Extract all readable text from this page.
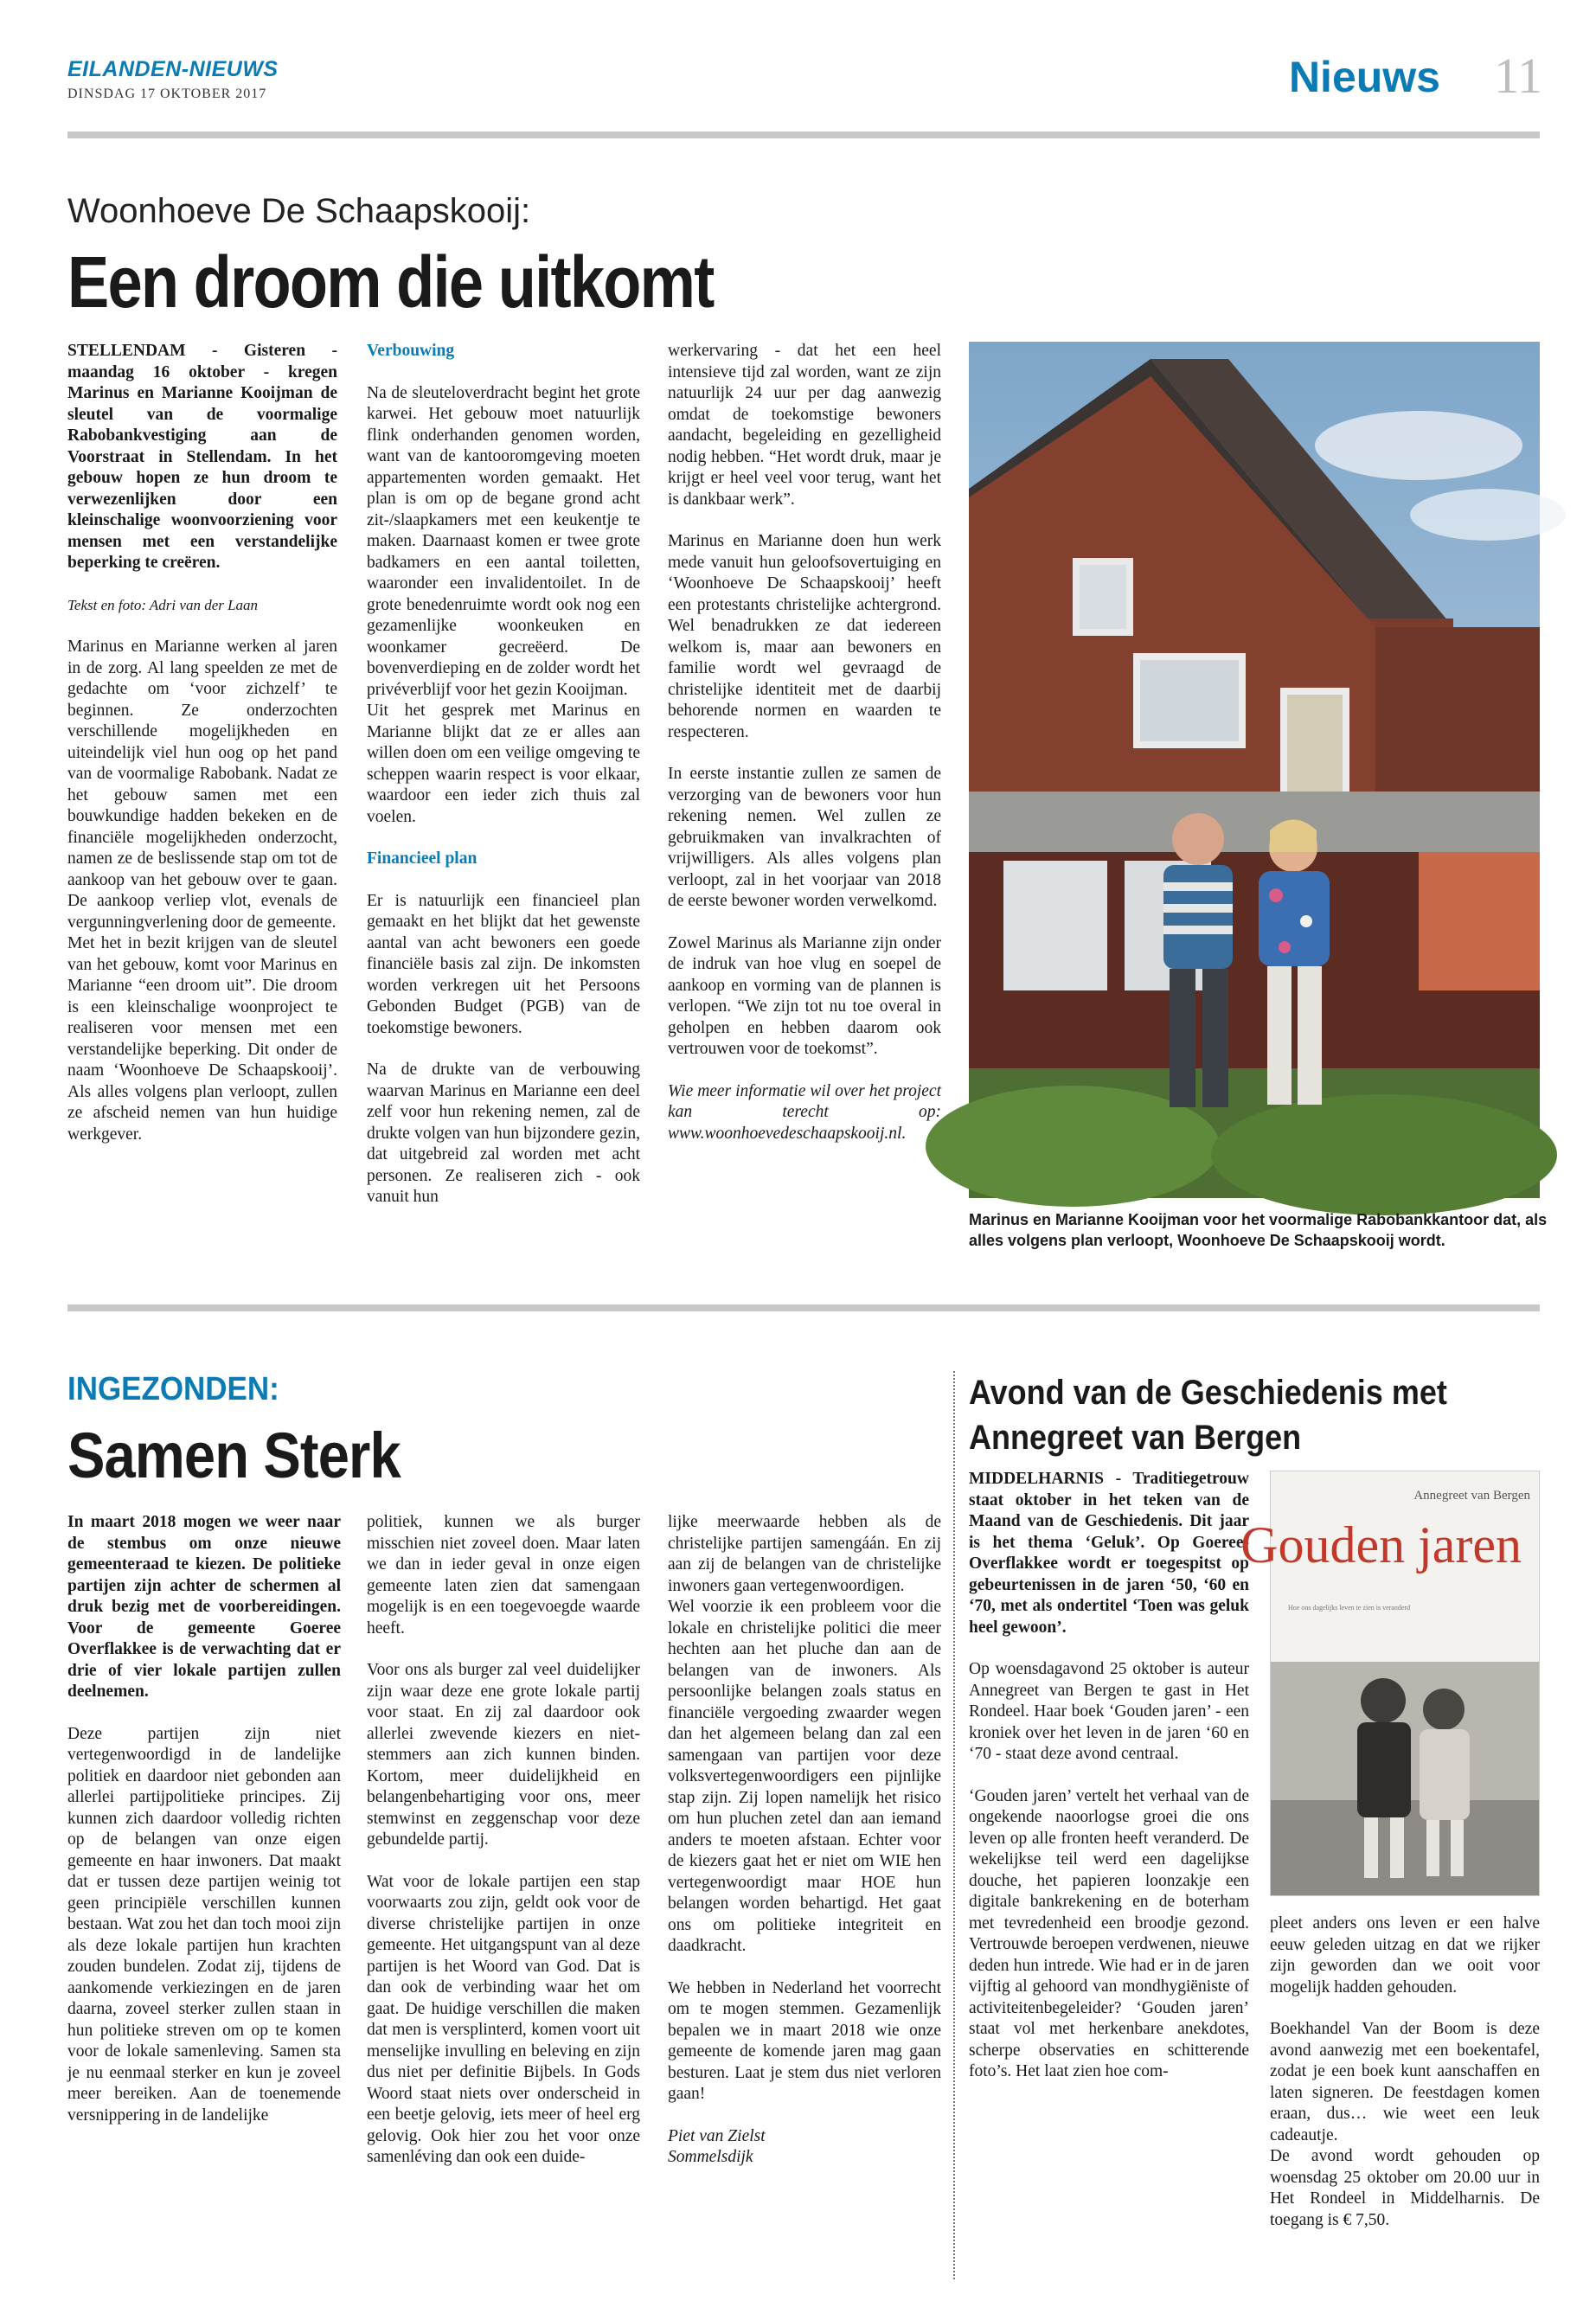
EILANDEN-NIEUWS
DINSDAG 17 OKTOBER 2017	Nieuws 11
Woonhoeve De Schaapskooij:
Een droom die uitkomt

STELLENDAM - Gisteren - maandag 16 oktober - kregen Marinus en Marianne Kooijman de sleutel van de voormalige Rabobankvestiging aan de Voorstraat in Stellendam. In het gebouw hopen ze hun droom te verwezenlijken door een kleinschalige woonvoorziening voor mensen met een verstandelijke beperking te creëren.

Tekst en foto: Adri van der Laan

Marinus en Marianne werken al jaren in de zorg. Al lang speelden ze met de gedachte om ‘voor zichzelf’ te beginnen. Ze onderzochten verschillende mogelijkheden en uiteindelijk viel hun oog op het pand van de voormalige Rabobank. Nadat ze het gebouw samen met een bouwkundige hadden bekeken en de financiële mogelijkheden onderzocht, namen ze de beslissende stap om tot de aankoop van het gebouw over te gaan. De aankoop verliep vlot, evenals de vergunningverlening door de gemeente.

Met het in bezit krijgen van de sleutel van het gebouw, komt voor Marinus en Marianne “een droom uit”. Die droom is een kleinschalige woonproject te realiseren voor mensen met een verstandelijke beperking. Dit onder de naam ‘Woonhoeve De Schaapskooij’. Als alles volgens plan verloopt, zullen ze afscheid nemen van hun huidige werkgever.

Verbouwing

Na de sleuteloverdracht begint het grote karwei. Het gebouw moet natuurlijk flink onderhanden genomen worden, want van de kantooromgeving moeten appartementen worden gemaakt. Het plan is om op de begane grond acht zit-/slaapkamers met een keukentje te maken. Daarnaast komen er twee grote badkamers en een aantal toiletten, waaronder een invalidentoilet. In de grote benedenruimte wordt ook nog een gezamenlijke woonkeuken en woonkamer gecreëerd. De bovenverdieping en de zolder wordt het privéverblijf voor het gezin Kooijman.

Uit het gesprek met Marinus en Marianne blijkt dat ze er alles aan willen doen om een veilige omgeving te scheppen waarin respect is voor elkaar, waardoor een ieder zich thuis zal voelen.

Financieel plan

Er is natuurlijk een financieel plan gemaakt en het blijkt dat het gewenste aantal van acht bewoners een goede financiële basis zal zijn. De inkomsten worden verkregen uit het Persoons Gebonden Budget (PGB) van de toekomstige bewoners.

Na de drukte van de verbouwing waarvan Marinus en Marianne een deel zelf voor hun rekening nemen, zal de drukte volgen van hun bijzondere gezin, dat uitgebreid zal worden met acht personen. Ze realiseren zich - ook vanuit hun

werkervaring - dat het een heel intensieve tijd zal worden, want ze zijn natuurlijk 24 uur per dag aanwezig omdat de toekomstige bewoners aandacht, begeleiding en gezelligheid nodig hebben. “Het wordt druk, maar je krijgt er heel veel voor terug, want het is dankbaar werk”.

Marinus en Marianne doen hun werk mede vanuit hun geloofsovertuiging en ‘Woonhoeve De Schaapskooij’ heeft een protestants christelijke achtergrond. Wel benadrukken ze dat iedereen welkom is, maar aan bewoners en familie wordt wel gevraagd de christelijke identiteit met de daarbij behorende normen en waarden te respecteren.

In eerste instantie zullen ze samen de verzorging van de bewoners voor hun rekening nemen. Wel zullen ze gebruikmaken van invalkrachten of vrijwilligers. Als alles volgens plan verloopt, zal in het voorjaar van 2018 de eerste bewoner worden verwelkomd.

Zowel Marinus als Marianne zijn onder de indruk van hoe vlug en soepel de aankoop en vorming van de plannen is verlopen. “We zijn tot nu toe overal in geholpen en hebben daarom ook vertrouwen voor de toekomst”.

Wie meer informatie wil over het project kan terecht op: www.woonhoevedeschaapskooij.nl.

Marinus en Marianne Kooijman voor het voormalige Rabobankkantoor dat, als alles volgens plan verloopt, Woonhoeve De Schaapskooij wordt.
INGEZONDEN:
Samen Sterk

In maart 2018 mogen we weer naar de stembus om onze nieuwe gemeenteraad te kiezen. De politieke partijen zijn achter de schermen al druk bezig met de voorbereidingen. Voor de gemeente Goeree Overflakkee is de verwachting dat er drie of vier lokale partijen zullen deelnemen.

Deze partijen zijn niet vertegenwoordigd in de landelijke politiek en daardoor niet gebonden aan allerlei partijpolitieke principes. Zij kunnen zich daardoor volledig richten op de belangen van onze eigen gemeente en haar inwoners. Dat maakt dat er tussen deze partijen weinig tot geen principiële verschillen kunnen bestaan. Wat zou het dan toch mooi zijn als deze lokale partijen hun krachten zouden bundelen. Zodat zij, tijdens de aankomende verkiezingen en de jaren daarna, zoveel sterker zullen staan in hun politieke streven om op te komen voor de lokale samenleving. Samen sta je nu eenmaal sterker en kun je zoveel meer bereiken. Aan de toenemende versnippering in de landelijke

politiek, kunnen we als burger misschien niet zoveel doen. Maar laten we dan in ieder geval in onze eigen gemeente laten zien dat samengaan mogelijk is en een toegevoegde waarde heeft.

Voor ons als burger zal veel duidelijker zijn waar deze ene grote lokale partij voor staat. En zij zal daardoor ook allerlei zwevende kiezers en niet-stemmers aan zich kunnen binden. Kortom, meer duidelijkheid en belangenbehartiging voor ons, meer stemwinst en zeggenschap voor deze gebundelde partij.

Wat voor de lokale partijen een stap voorwaarts zou zijn, geldt ook voor de diverse christelijke partijen in onze gemeente. Het uitgangspunt van al deze partijen is het Woord van God. Dat is dan ook de verbinding waar het om gaat. De huidige verschillen die maken dat men is versplinterd, komen voort uit menselijke invulling en beleving en zijn dus niet per definitie Bijbels. In Gods Woord staat niets over onderscheid in een beetje gelovig, iets meer of heel erg gelovig. Ook hier zou het voor onze samenléving dan ook een duide-

lijke meerwaarde hebben als de christelijke partijen samengáán. En zij aan zij de belangen van de christelijke inwoners gaan vertegenwoordigen.

Wel voorzie ik een probleem voor die lokale en christelijke politici die meer hechten aan het pluche dan aan de belangen van de inwoners. Als persoonlijke belangen zoals status en financiële vergoeding zwaarder wegen dan het algemeen belang dan zal een samengaan van partijen voor deze volksvertegenwoordigers een pijnlijke stap zijn. Zij lopen namelijk het risico om hun pluchen zetel dan aan iemand anders te moeten afstaan. Echter voor de kiezers gaat het er niet om WIE hen vertegenwoordigt maar HOE hun belangen worden behartigd. Het gaat ons om politieke integriteit en daadkracht.

We hebben in Nederland het voorrecht om te mogen stemmen. Gezamenlijk bepalen we in maart 2018 wie onze gemeente de komende jaren mag gaan besturen. Laat je stem dus niet verloren gaan!

Piet van Zielst

Sommelsdijk

Avond van de Geschiedenis met Annegreet van Bergen

MIDDELHARNIS - Traditiegetrouw staat oktober in het teken van de Maand van de Geschiedenis. Dit jaar is het thema ‘Geluk’. Op Goeree-Overflakkee wordt er toegespitst op gebeurtenissen in de jaren ‘50, ‘60 en ‘70, met als ondertitel ‘Toen was geluk heel gewoon’.

Op woensdagavond 25 oktober is auteur Annegreet van Bergen te gast in Het Rondeel. Haar boek ‘Gouden jaren’ - een kroniek over het leven in de jaren ‘60 en ‘70 - staat deze avond centraal.

‘Gouden jaren’ vertelt het verhaal van de ongekende naoorlogse groei die ons leven op alle fronten heeft veranderd. De wekelijkse teil werd een dagelijkse douche, het papieren loonzakje een digitale bankrekening en de boterham met tevredenheid een broodje gezond. Vertrouwde beroepen verdwenen, nieuwe deden hun intrede. Wie had er in de jaren vijftig al gehoord van mondhygiëniste of activiteitenbegeleider? ‘Gouden jaren’ staat vol met herkenbare anekdotes, scherpe observaties en schitterende foto’s. Het laat zien hoe com-

Annegreet van Bergen
Gouden jaren
Hoe ons dagelijks leven te zien is veranderd

pleet anders ons leven er een halve eeuw geleden uitzag en dat we rijker zijn geworden dan we ooit voor mogelijk hadden gehouden.

Boekhandel Van der Boom is deze avond aanwezig met een boekentafel, zodat je een boek kunt aanschaffen en laten signeren. De feestdagen komen eraan, dus… wie weet een leuk cadeautje.

De avond wordt gehouden op woensdag 25 oktober om 20.00 uur in Het Rondeel in Middelharnis. De toegang is € 7,50.
